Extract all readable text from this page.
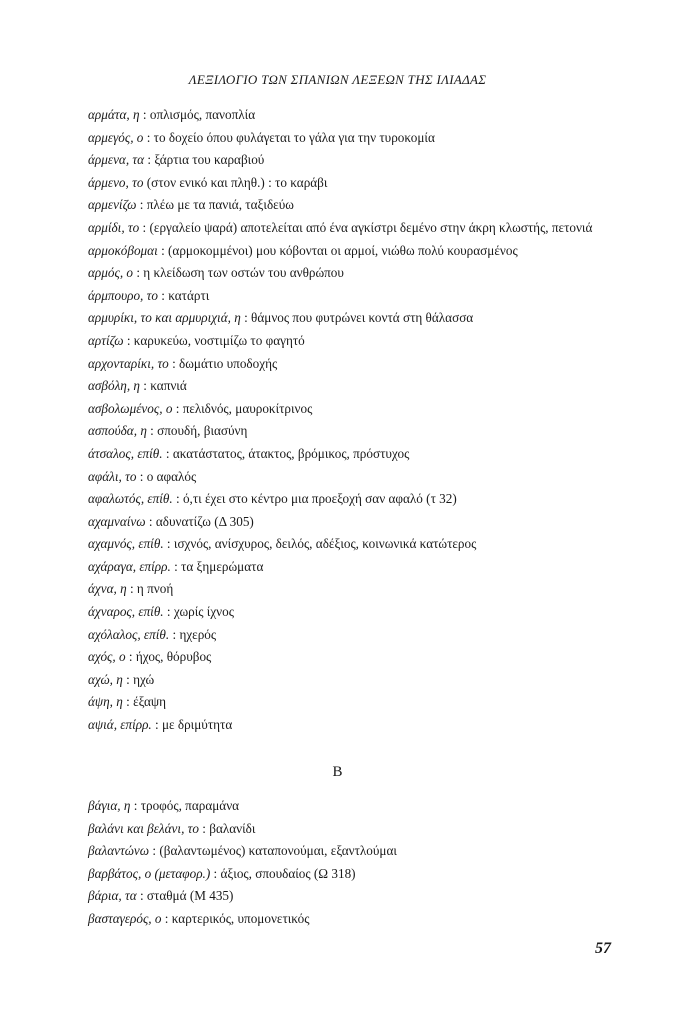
ΛΕΞΙΛΟΓΙΟ ΤΩΝ ΣΠΑΝΙΩΝ ΛΕΞΕΩΝ ΤΗΣ ΙΛΙΑΔΑΣ
αρμάτα, η : οπλισμός, πανοπλία
αρμεγός, ο : το δοχείο όπου φυλάγεται το γάλα για την τυροκομία
άρμενα, τα : ξάρτια του καραβιού
άρμενο, το (στον ενικό και πληθ.) : το καράβι
αρμενίζω : πλέω με τα πανιά, ταξιδεύω
αρμίδι, το : (εργαλείο ψαρά) αποτελείται από ένα αγκίστρι δεμένο στην άκρη κλωστής, πετονιά
αρμοκόβομαι : (αρμοκομμένοι) μου κόβονται οι αρμοί, νιώθω πολύ κουρασμένος
αρμός, ο : η κλείδωση των οστών του ανθρώπου
άρμπουρο, το : κατάρτι
αρμυρίκι, το και αρμυριχιά, η : θάμνος που φυτρώνει κοντά στη θάλασσα
αρτίζω : καρυκεύω, νοστιμίζω το φαγητό
αρχονταρίκι, το : δωμάτιο υποδοχής
ασβόλη, η : καπνιά
ασβολωμένος, ο : πελιδνός, μαυροκίτρινος
ασπούδα, η : σπουδή, βιασύνη
άτσαλος, επίθ. : ακατάστατος, άτακτος, βρόμικος, πρόστυχος
αφάλι, το : ο αφαλός
αφαλωτός, επίθ. : ό,τι έχει στο κέντρο μια προεξοχή σαν αφαλό (τ 32)
αχαμναίνω : αδυνατίζω (Δ 305)
αχαμνός, επίθ. : ισχνός, ανίσχυρος, δειλός, αδέξιος, κοινωνικά κατώτερος
αχάραγα, επίρρ. : τα ξημερώματα
άχνα, η : η πνοή
άχναρος, επίθ. : χωρίς ίχνος
αχόλαλος, επίθ. : ηχερός
αχός, ο : ήχος, θόρυβος
αχώ, η : ηχώ
άψη, η : έξαψη
αψιά, επίρρ. : με δριμύτητα
Β
βάγια, η : τροφός, παραμάνα
βαλάνι και βελάνι, το : βαλανίδι
βαλαντώνω : (βαλαντωμένος) καταπονούμαι, εξαντλούμαι
βαρβάτος, ο (μεταφορ.) : άξιος, σπουδαίος (Ω 318)
βάρια, τα : σταθμά (Μ 435)
βασταγερός, ο : καρτερικός, υπομονετικός
57
